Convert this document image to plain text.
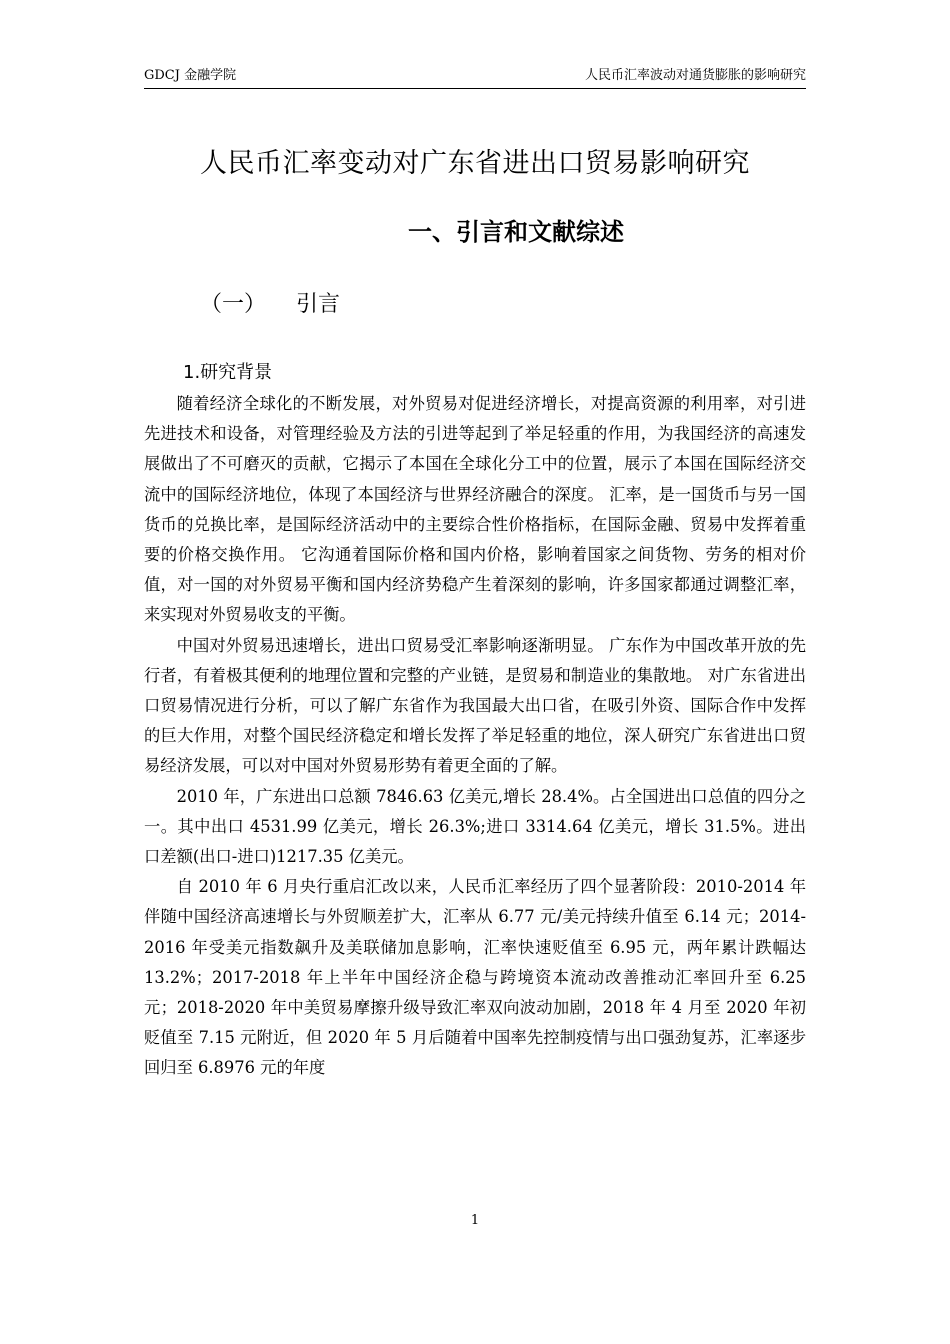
GDCJ 金融学院	人民币汇率波动对通货膨胀的影响研究
人民币汇率变动对广东省进出口贸易影响研究
一、引言和文献综述
（一） 引言
1.研究背景

随着经济全球化的不断发展，对外贸易对促进经济增长，对提高资源的利用率，对引进先进技术和设备，对管理经验及方法的引进等起到了举足轻重的作用，为我国经济的高速发展做出了不可磨灭的贡献，它揭示了本国在全球化分工中的位置，展示了本国在国际经济交流中的国际经济地位，体现了本国经济与世界经济融合的深度。 汇率，是一国货币与另一国货币的兑换比率，是国际经济活动中的主要综合性价格指标，在国际金融、贸易中发挥着重要的价格交换作用。 它沟通着国际价格和国内价格，影响着国家之间货物、劳务的相对价值，对一国的对外贸易平衡和国内经济势稳产生着深刻的影响，许多国家都通过调整汇率，来实现对外贸易收支的平衡。

中国对外贸易迅速增长，进出口贸易受汇率影响逐渐明显。 广东作为中国改革开放的先行者，有着极其便利的地理位置和完整的产业链，是贸易和制造业的集散地。 对广东省进出口贸易情况进行分析，可以了解广东省作为我国最大出口省，在吸引外资、国际合作中发挥的巨大作用，对整个国民经济稳定和增长发挥了举足轻重的地位，深人研究广东省进出口贸易经济发展，可以对中国对外贸易形势有着更全面的了解。

2010 年，广东进出口总额 7846.63 亿美元,增长 28.4%。占全国进出口总值的四分之一。其中出口 4531.99 亿美元，增长 26.3%;进口 3314.64 亿美元，增长 31.5%。进出口差额(出口-进口)1217.35 亿美元。

自 2010 年 6 月央行重启汇改以来，人民币汇率经历了四个显著阶段：2010-2014 年伴随中国经济高速增长与外贸顺差扩大，汇率从 6.77 元/美元持续升值至 6.14 元；2014-2016 年受美元指数飙升及美联储加息影响，汇率快速贬值至 6.95 元，两年累计跌幅达 13.2%；2017-2018 年上半年中国经济企稳与跨境资本流动改善推动汇率回升至 6.25 元；2018-2020 年中美贸易摩擦升级导致汇率双向波动加剧，2018 年 4 月至 2020 年初贬值至 7.15 元附近，但 2020 年 5 月后随着中国率先控制疫情与出口强劲复苏，汇率逐步回归至 6.8976 元的年度

1
